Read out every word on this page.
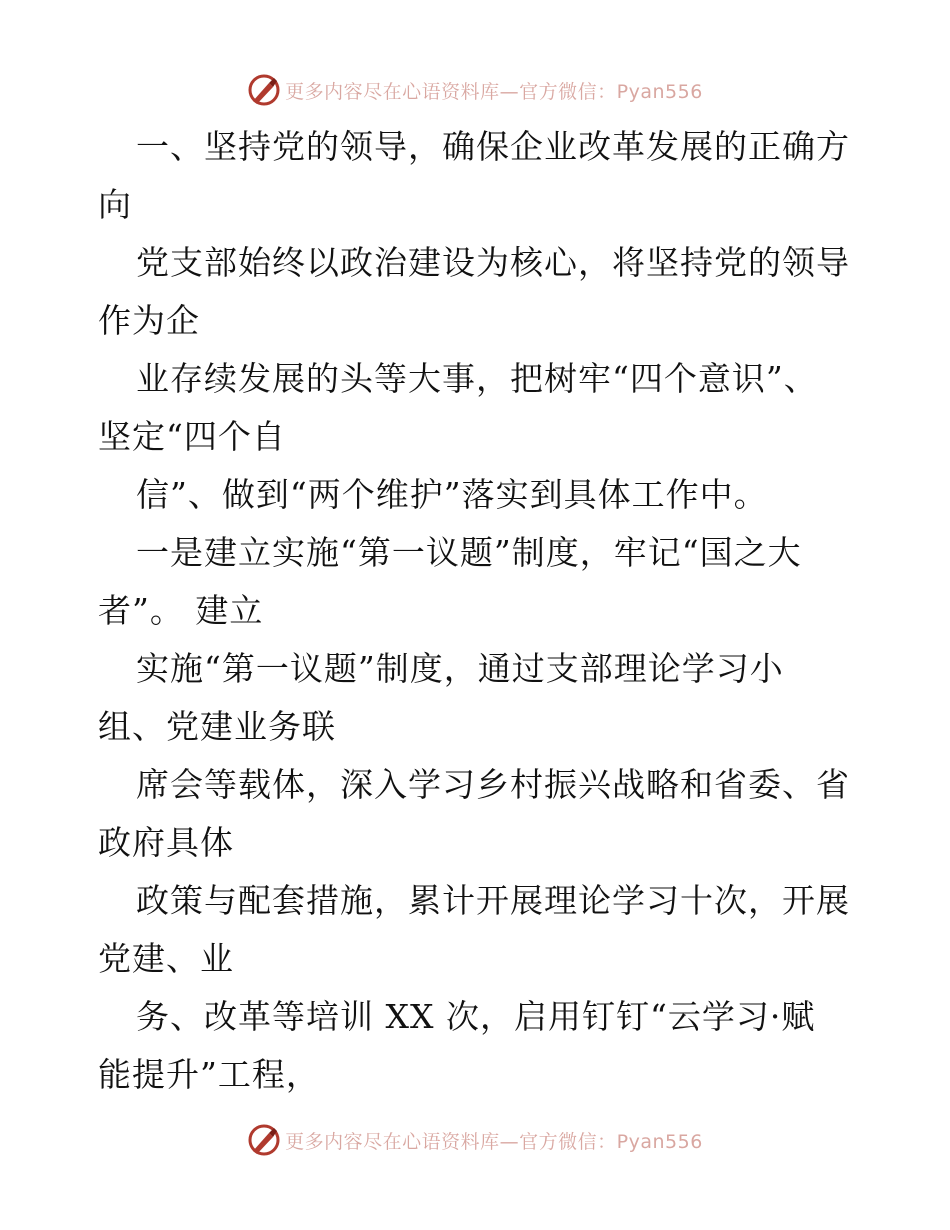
更多内容尽在心语资料库—官方微信：Pyan556
一、坚持党的领导，确保企业改革发展的正确方
向
党支部始终以政治建设为核心，将坚持党的领导
作为企
业存续发展的头等大事，把树牢“四个意识”、
坚定“四个自
信”、做到“两个维护”落实到具体工作中。
一是建立实施“第一议题”制度，牢记“国之大
者”。 建立
实施“第一议题”制度，通过支部理论学习小
组、党建业务联
席会等载体，深入学习乡村振兴战略和省委、省
政府具体
政策与配套措施，累计开展理论学习十次，开展
党建、业
务、改革等培训 XX 次，启用钉钉“云学习·赋
能提升”工程，
更多内容尽在心语资料库—官方微信：Pyan556
